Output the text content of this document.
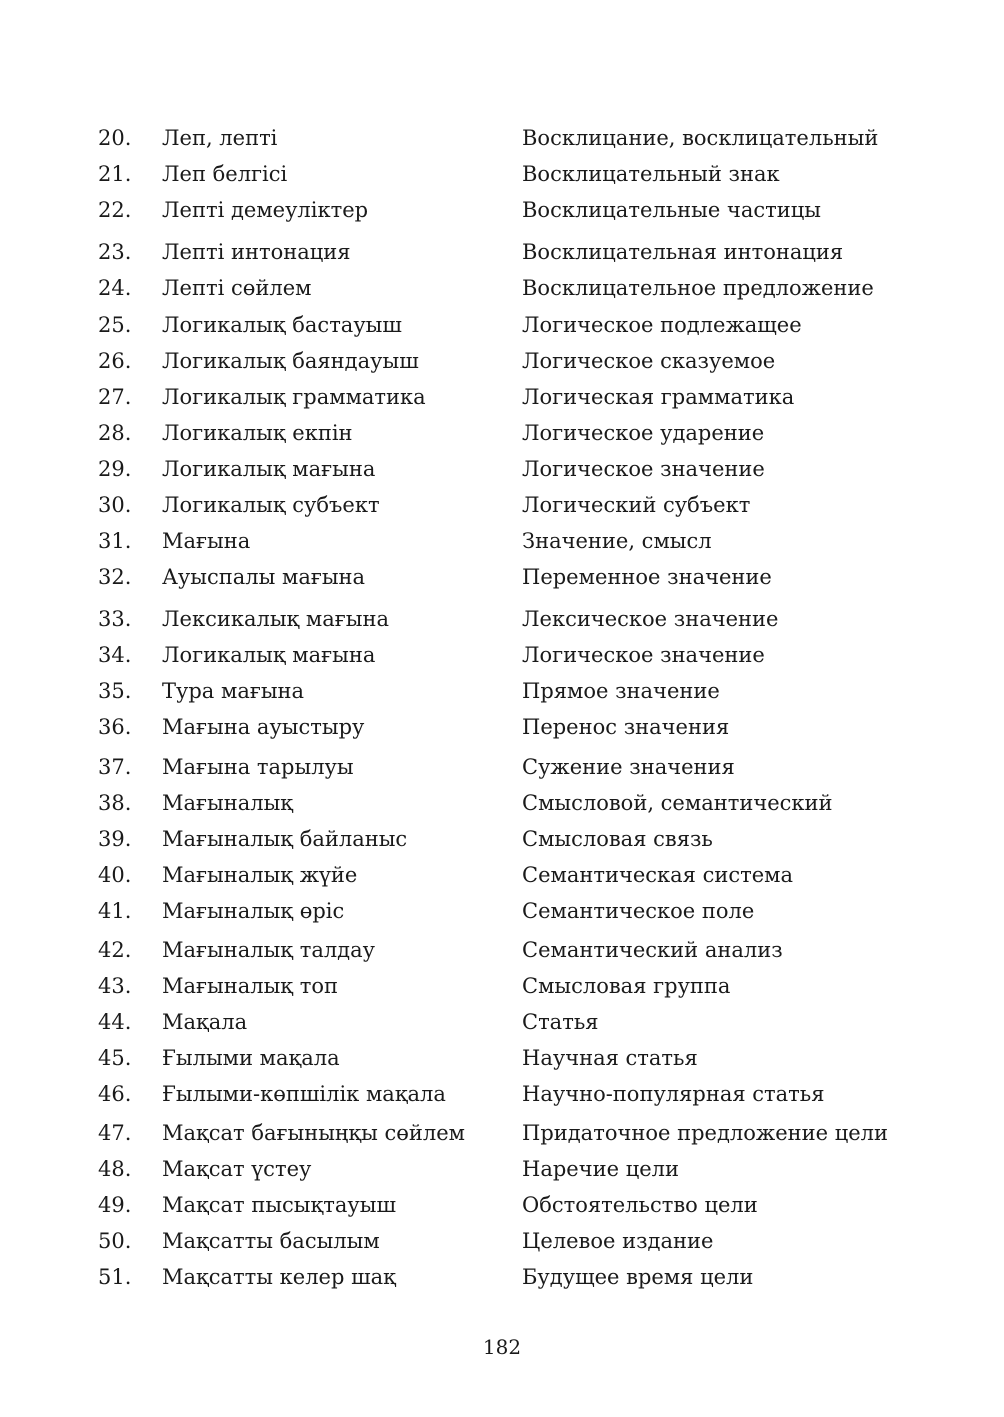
20. Леп, лепті	Восклицание, восклицательный
21. Леп белгісі	Восклицательный знак
22. Лепті демеуліктер	Восклицательные частицы
23. Лепті интонация	Восклицательная интонация
24. Лепті сөйлем	Восклицательное предложение
25. Логикалық бастауыш	Логическое подлежащее
26. Логикалық баяндауыш	Логическое сказуемое
27. Логикалық грамматика	Логическая грамматика
28. Логикалық екпін	Логическое ударение
29. Логикалық мағына	Логическое значение
30. Логикалық субъект	Логический субъект
31. Мағына	Значение, смысл
32. Ауыспалы мағына	Переменное значение
33. Лексикалық мағына	Лексическое значение
34. Логикалық мағына	Логическое значение
35. Тура мағына	Прямое значение
36. Мағына ауыстыру	Перенос значения
37. Мағына тарылуы	Сужение значения
38. Мағыналық	Смысловой, семантический
39. Мағыналық байланыс	Смысловая связь
40. Мағыналық жүйе	Семантическая система
41. Мағыналық өріс	Семантическое поле
42. Мағыналық талдау	Семантический анализ
43. Мағыналық топ	Смысловая группа
44. Мақала	Статья
45. Ғылыми мақала	Научная статья
46. Ғылыми-көпшілік мақала	Научно-популярная статья
47. Мақсат бағыныңқы сөйлем	Придаточное предложение цели
48. Мақсат үстеу	Наречие цели
49. Мақсат пысықтауыш	Обстоятельство цели
50. Мақсатты басылым	Целевое издание
51. Мақсатты келер шақ	Будущее время цели
182
